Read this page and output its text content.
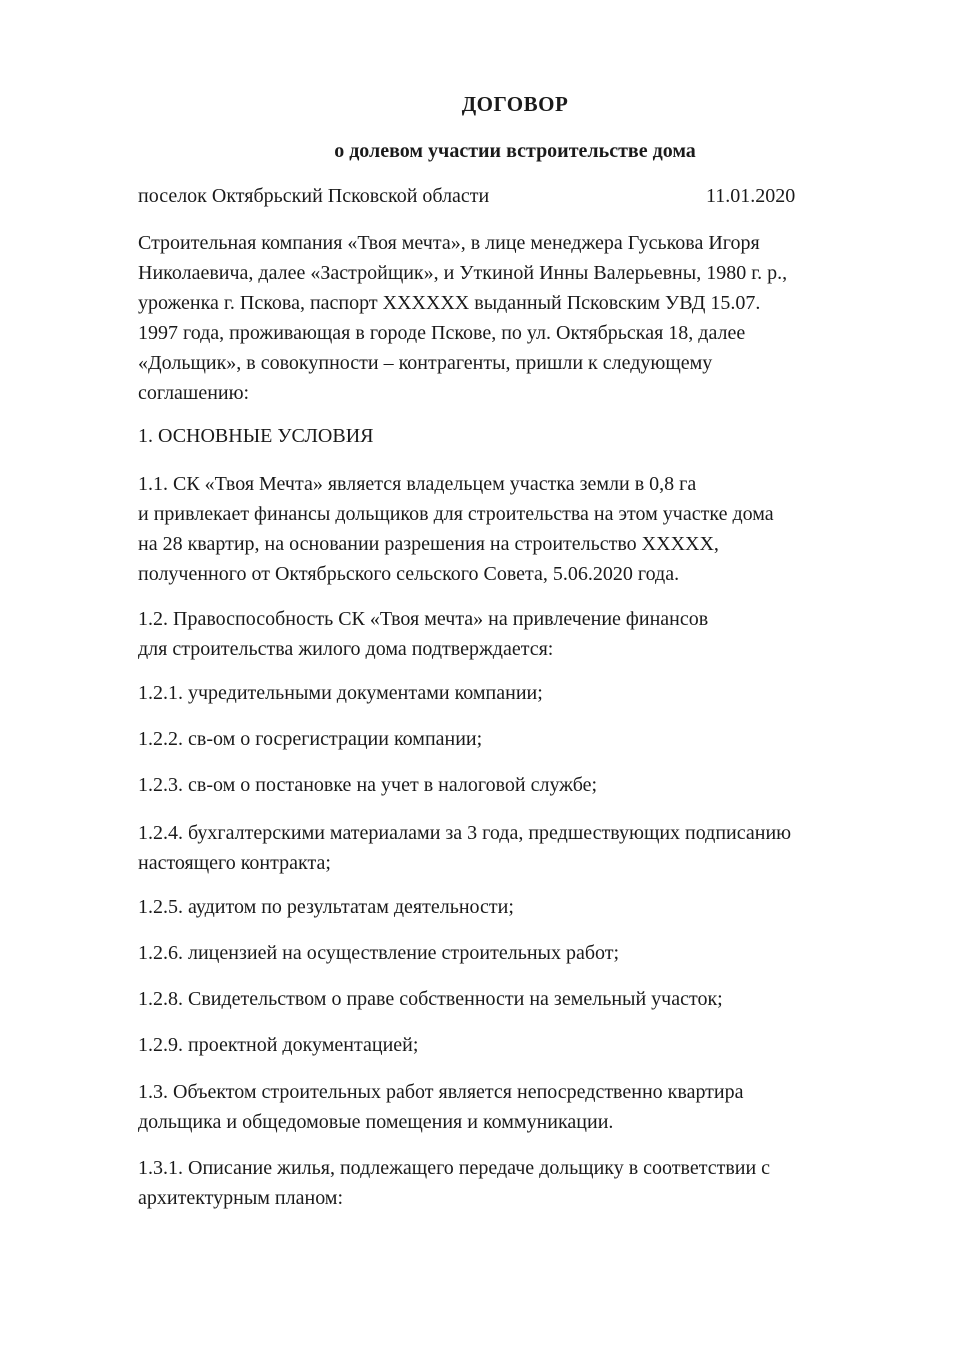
ДОГОВОР
о долевом участии встроительстве дома
поселок Октябрьский Псковской области	11.01.2020
Строительная компания «Твоя мечта», в лице менеджера Гуськова Игоря
Николаевича, далее «Застройщик», и Уткиной Инны Валерьевны, 1980 г. р.,
уроженка г. Пскова, паспорт XXXXXX выданный Псковским УВД 15.07.
1997 года, проживающая в городе Пскове, по ул. Октябрьская 18, далее
«Дольщик», в совокупности – контрагенты, пришли к следующему
соглашению:
1. ОСНОВНЫЕ УСЛОВИЯ
1.1. СК «Твоя Мечта» является владельцем участка земли в 0,8 га
и привлекает финансы дольщиков для строительства на этом участке дома
на 28 квартир, на основании разрешения на строительство XXXXX,
полученного от Октябрьского сельского Совета, 5.06.2020 года.
1.2. Правоспособность СК «Твоя мечта» на привлечение финансов
для строительства жилого дома подтверждается:
1.2.1. учредительными документами компании;
1.2.2. св-ом о госрегистрации компании;
1.2.3. св-ом о постановке на учет в налоговой службе;
1.2.4. бухгалтерскими материалами за 3 года, предшествующих подписанию
настоящего контракта;
1.2.5. аудитом по результатам деятельности;
1.2.6. лицензией на осуществление строительных работ;
1.2.8. Свидетельством о праве собственности на земельный участок;
1.2.9. проектной документацией;
1.3. Объектом строительных работ является непосредственно квартира
дольщика и общедомовые помещения и коммуникации.
1.3.1. Описание жилья, подлежащего передаче дольщику в соответствии с
архитектурным планом:
